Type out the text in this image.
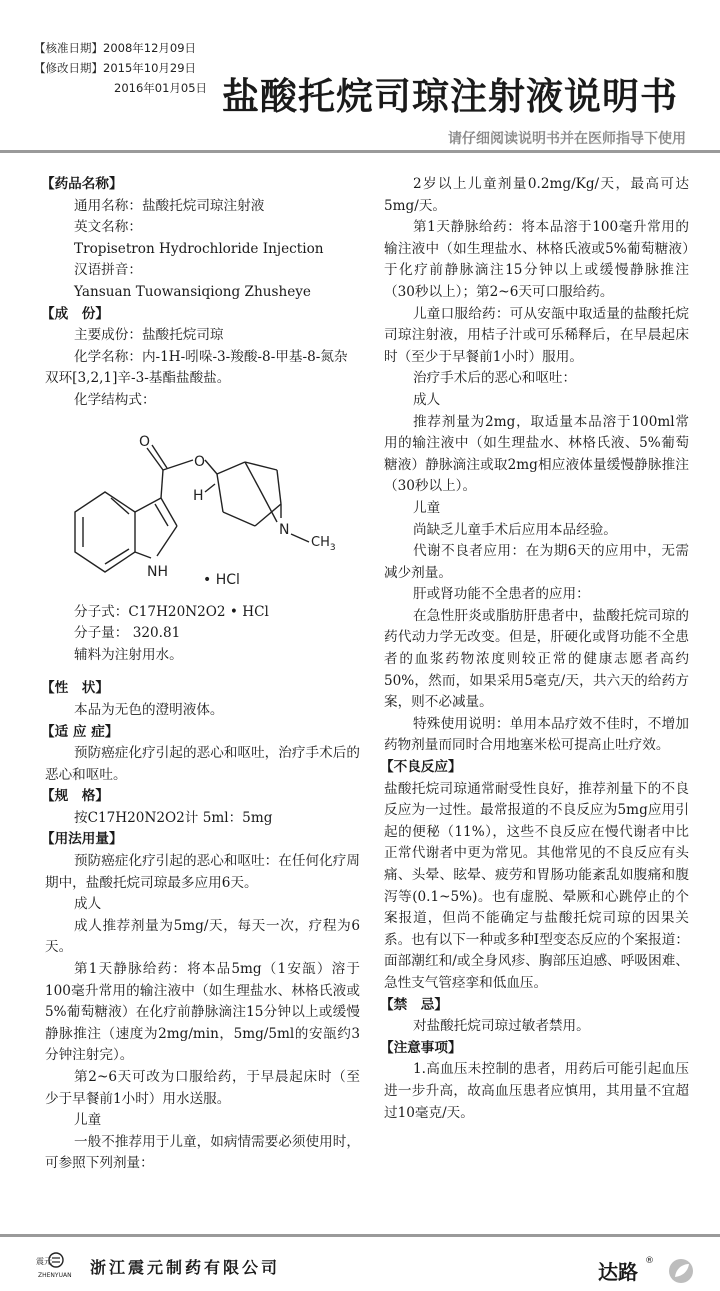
【核准日期】2008年12月09日
【修改日期】2015年10月29日
2016年01月05日 盐酸托烷司琼注射液说明书
请仔细阅读说明书并在医师指导下使用

【药品名称】

通用名称：盐酸托烷司琼注射液

英文名称：

Tropisetron Hydrochloride Injection

汉语拼音：

Yansuan Tuowansiqiong Zhusheye

【成　份】

主要成份：盐酸托烷司琼

化学名称：内-1H-吲哚-3-羧酸-8-甲基-8-氮杂双环[3,2,1]辛-3-基酯盐酸盐。

化学结构式：

O
O
H
N
$CH_3$
NH	• HCl

分子式：C17H20N2O2 • HCl

分子量： 320.81

辅料为注射用水。

【性　状】

本品为无色的澄明液体。

【适 应 症】

预防癌症化疗引起的恶心和呕吐，治疗手术后的恶心和呕吐。

【规　格】

按C17H20N2O2计 5ml：5mg

【用法用量】

预防癌症化疗引起的恶心和呕吐：在任何化疗周期中，盐酸托烷司琼最多应用6天。

成人

成人推荐剂量为5mg/天，每天一次，疗程为6天。

第1天静脉给药：将本品5mg（1安瓿）溶于100毫升常用的输注液中（如生理盐水、林格氏液或5%葡萄糖液）在化疗前静脉滴注15分钟以上或缓慢静脉推注（速度为2mg/min，5mg/5ml的安瓿约3分钟注射完）。

第2~6天可改为口服给药，于早晨起床时（至少于早餐前1小时）用水送服。

儿童

一般不推荐用于儿童，如病情需要必须使用时，可参照下列剂量：

2岁以上儿童剂量0.2mg/Kg/天，最高可达5mg/天。

第1天静脉给药：将本品溶于100毫升常用的输注液中（如生理盐水、林格氏液或5%葡萄糖液）于化疗前静脉滴注15分钟以上或缓慢静脉推注（30秒以上）；第2~6天可口服给药。

儿童口服给药：可从安瓿中取适量的盐酸托烷司琼注射液，用桔子汁或可乐稀释后，在早晨起床时（至少于早餐前1小时）服用。

治疗手术后的恶心和呕吐：

成人

推荐剂量为2mg，取适量本品溶于100ml常用的输注液中（如生理盐水、林格氏液、5%葡萄糖液）静脉滴注或取2mg相应液体量缓慢静脉推注（30秒以上）。

儿童

尚缺乏儿童手术后应用本品经验。

代谢不良者应用：在为期6天的应用中，无需减少剂量。

肝或肾功能不全患者的应用：

在急性肝炎或脂肪肝患者中，盐酸托烷司琼的药代动力学无改变。但是，肝硬化或肾功能不全患者的血浆药物浓度则较正常的健康志愿者高约50%，然而，如果采用5毫克/天，共六天的给药方案，则不必减量。

特殊使用说明：单用本品疗效不佳时，不增加药物剂量而同时合用地塞米松可提高止吐疗效。

【不良反应】

盐酸托烷司琼通常耐受性良好，推荐剂量下的不良反应为一过性。最常报道的不良反应为5mg应用引起的便秘（11%），这些不良反应在慢代谢者中比正常代谢者中更为常见。其他常见的不良反应有头痛、头晕、眩晕、疲劳和胃肠功能紊乱如腹痛和腹泻等(0.1~5%)。也有虚脱、晕厥和心跳停止的个案报道，但尚不能确定与盐酸托烷司琼的因果关系。也有以下一种或多种I型变态反应的个案报道：面部潮红和/或全身风疹、胸部压迫感、呼吸困难、急性支气管痉挛和低血压。

【禁　忌】

对盐酸托烷司琼过敏者禁用。

【注意事项】

1.高血压未控制的患者，用药后可能引起血压进一步升高，故高血压患者应慎用，其用量不宜超过10毫克/天。

震元
ZHENYUAN 浙江震元制药有限公司	达路 ®
